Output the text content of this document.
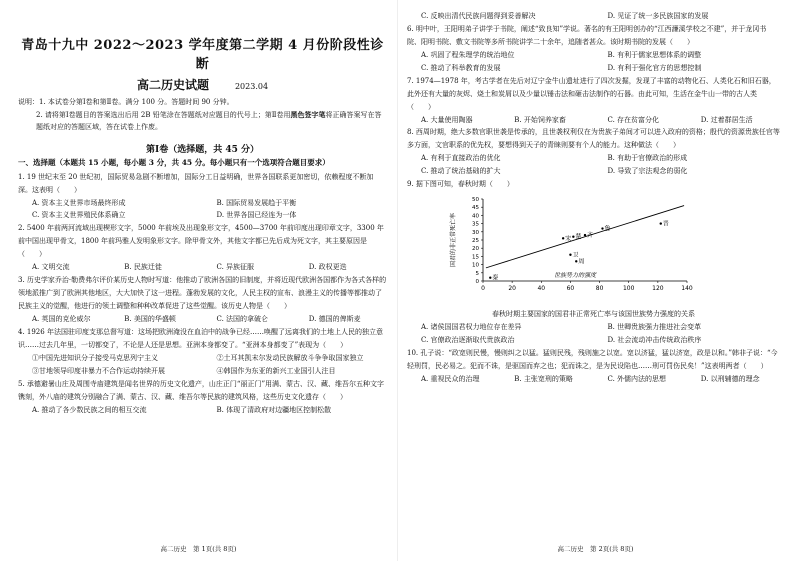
青岛十九中 2022～2023 学年度第二学期 4 月份阶段性诊断
高二历史试题	2023.04

说明：1. 本试卷分第Ⅰ卷和第Ⅱ卷。满分 100 分。答题时间 90 分钟。

2. 请将第Ⅰ卷题目的答案选出后用 2B 铅笔涂在答题纸对应题目的代号上；第Ⅱ卷用黑色签字笔将正确答案写在答题纸对应的答题区域，答在试卷上作废。

第Ⅰ卷（选择题，共 45 分）

一、选择题（本题共 15 小题，每小题 3 分，共 45 分。每小题只有一个选项符合题目要求）

1. 19 世纪末至 20 世纪初，国际贸易急剧不断增加，国际分工日益明确，世界各国联系更加密切，依赖程度不断加深。这表明（　　）

A. 资本主义世界市场最终形成	B. 国际贸易发展趋于平衡
C. 资本主义世界殖民体系确立	D. 世界各国已经连为一体

2. 5400 年前两河流域出现楔形文字，5000 年前埃及出现象形文字，4500—3700 年前印度出现印章文字，3300 年前中国出现甲骨文，1800 年前玛雅人发明象形文字。除甲骨文外，其他文字都已先后成为死文字，其主要原因是（　　）

A. 文明交流	B. 民族迁徙	C. 异族征服	D. 政权更迭

3. 历史学家乔治·勒费弗尔评价某历史人物时写道：他推动了欧洲各国的旧制度，并将近现代欧洲各国都作为各式各样的领地派推广到了欧洲其他地区，大大加快了这一进程。蓬勃发展的文化，人民主权的宣布、浪漫主义的传播等都推动了民族主义的觉醒，他进行的领土调整和种种改革促进了这些觉醒。该历史人物是（　　）

A. 英国的克伦威尔	B. 美国的华盛顿	C. 法国的拿破仑	D. 德国的俾斯麦

4. 1926 年法国驻印度支那总督写道：这场把欧洲淹没在血泊中的战争已经……唤醒了远离我们的土地上人民的独立意识……过去几年里，一切都变了，不论是人还是思想。亚洲本身都变了。“亚洲本身都变了”表现为（　　）

①中国先进知识分子接受马克思列宁主义	②土耳其凯末尔发动民族解放斗争争取国家独立
③甘地领导印度非暴力不合作运动持续开展	④韩国作为东亚的新兴工业国引人注目

5. 承德避暑山庄及周围寺庙建筑是闻名世界的历史文化遗产，山庄正门“丽正门”用满、蒙古、汉、藏、维吾尔五种文字镌刻，外八庙的建筑分别融合了满、蒙古、汉、藏、维吾尔等民族的建筑风格，这些历史文化遗存（　　）

A. 推动了各少数民族之间的相互交流	B. 体现了清政府对边疆地区控制松散
高二历史　第 1页(共 8页)
C. 反映出清代民族问题得到妥善解决	D. 见证了统一多民族国家的发展

6. 明中叶，王阳明弟子讲学于书院，阐述“致良知”学说。著名的有王阳明创办的“江西濂溪学校之不建”，并于龙冈书院、阳明书院、敷文书院等多所书院讲学二十余年，追随者甚众。该时期书院的发展（　　）

A. 巩固了程朱理学的统治地位	B. 有利于儒家思想体系的调整
C. 推动了科举教育的发展	D. 有利于强化官方的思想控制

7. 1974—1978 年，考古学者在先后对辽宁金牛山遗址进行了四次发掘，发现了丰富的动物化石、人类化石和旧石器，此外还有大量的灰烬、烧土和炭屑以及少量以锤击法和砸击法制作的石器。由此可知，生活在金牛山一带的古人类（　　）

A. 大量使用陶器	B. 开始饲养家畜	C. 存在贫富分化	D. 过着群居生活

8. 西周时期，绝大多数官职世袭是传承的，且世袭权利仅在为贵族子弟间才可以进入政府的资格；殷代的资源贵族任官等多方面，文官职系的优先权，要想得到天子的青睐则要有个人的能力。这种做法（　　）

A. 有利于直接政治的优化	B. 有助于官僚政治的形成
C. 推动了统治基础的扩大	D. 导致了宗法观念的弱化

9. 据下图可知，春秋时期（　　）

0	20	40	60	80	100	120	140
0
5
10
15
20
25
30
35
40
45
50
秦
卫
周
宋 楚 齐
鲁
晋
世族势力的强度
国君的非正常死亡率
春秋时期主要国家的国君非正常死亡率与该国世族势力强度的关系
A. 诸侯国国君权力地位存在差异	B. 世卿贵族强力推进社会变革
C. 官僚政治逐渐取代贵族政治	D. 社会流动冲击传统政治秩序

10. 孔子说：“政宽则民慢，慢则纠之以猛。猛则民残，残则施之以宽。宽以济猛，猛以济宽，政是以和。”韩非子说：“今轻刑罚，民必易之。犯而不诛，是驱国而弃之也；犯而诛之，是为民设陷也……刑可罚伤民矣！”这表明两者（　　）

A. 重视民众的治理	B. 主张宽刑的策略	C. 外儒内法的思想	D. 以刑辅德的理念
高二历史　第 2页(共 8页)
